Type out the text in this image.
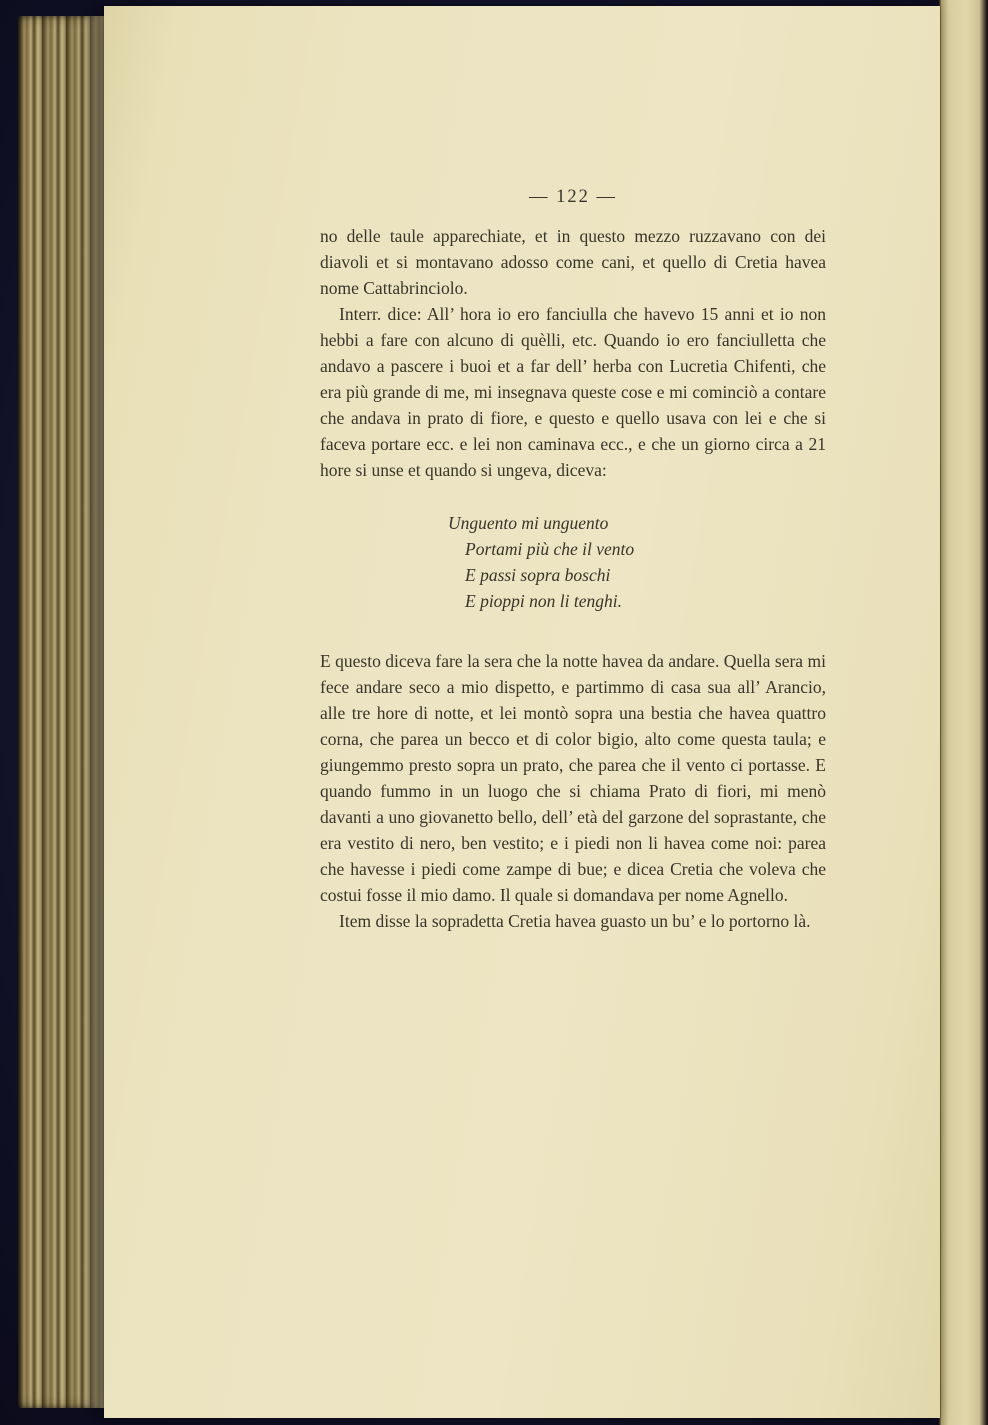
— 122 —

no delle taule apparechiate, et in questo mezzo ruzzavano con dei diavoli et si montavano adosso come cani, et quello di Cretia havea nome Cattabrinciolo.

Interr. dice: All’ hora io ero fanciulla che havevo 15 anni et io non hebbi a fare con alcuno di quèlli, etc. Quando io ero fanciulletta che andavo a pascere i buoi et a far dell’ herba con Lucretia Chifenti, che era più grande di me, mi insegnava queste cose e mi cominciò a contare che andava in prato di fiore, e questo e quello usava con lei e che si faceva portare ecc. e lei non caminava ecc., e che un giorno circa a 21 hore si unse et quando si ungeva, diceva:

Unguento mi unguento
Portami più che il vento
E passi sopra boschi
E pioppi non li tenghi.

E questo diceva fare la sera che la notte havea da andare. Quella sera mi fece andare seco a mio dispetto, e partimmo di casa sua all’ Arancio, alle tre hore di notte, et lei montò sopra una bestia che havea quattro corna, che parea un becco et di color bigio, alto come questa taula; e giungemmo presto sopra un prato, che parea che il vento ci portasse. E quando fummo in un luogo che si chiama Prato di fiori, mi menò davanti a uno giovanetto bello, dell’ età del garzone del soprastante, che era vestito di nero, ben vestito; e i piedi non li havea come noi: parea che havesse i piedi come zampe di bue; e dicea Cretia che voleva che costui fosse il mio damo. Il quale si domandava per nome Agnello.

Item disse la sopradetta Cretia havea guasto un bu’ e lo portorno là.
